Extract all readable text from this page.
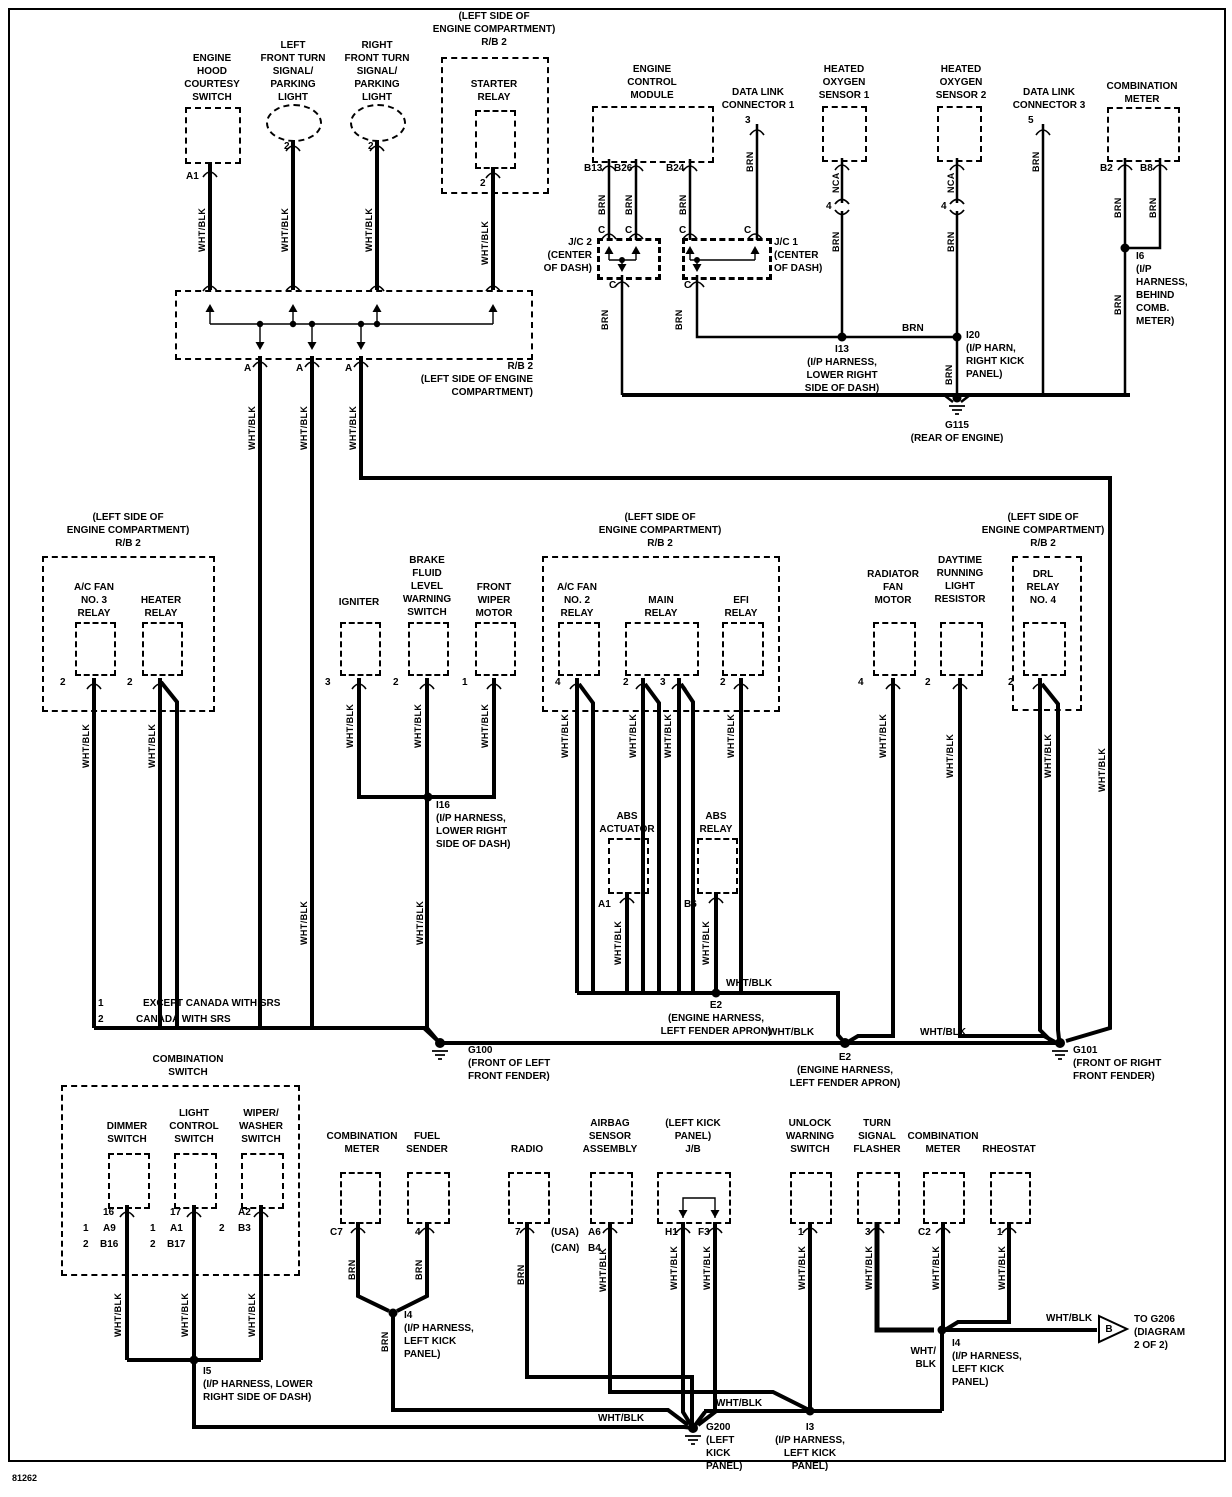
ENGINE
HOOD
COURTESY
SWITCH
LEFT
FRONT TURN
SIGNAL/
PARKING
LIGHT
RIGHT
FRONT TURN
SIGNAL/
PARKING
LIGHT
(LEFT SIDE OF
ENGINE COMPARTMENT)
R/B 2
STARTER
RELAY
A1
2	2
2
WHT/BLK	WHT/BLK	WHT/BLK	WHT/BLK
R/B 2
(LEFT SIDE OF ENGINE
COMPARTMENT)
A	A	A
WHT/BLK	WHT/BLK	WHT/BLK
WHT/BLK	WHT/BLK
ENGINE
CONTROL
MODULE	DATA LINK
CONNECTOR 1
HEATED
OXYGEN
SENSOR 1
HEATED
OXYGEN
SENSOR 2	DATA LINK
CONNECTOR 3
COMBINATION
METER
B13 B26	B24
3	5
B2	B8
BRN BRN	BRN
BRN
J/C 2
(CENTER
OF DASH)
J/C 1
(CENTER
OF DASH)
C C	C	C
C	C
BRN	BRN
NCA	NCA
4	4
BRN	BRN
BRN
I13
(I/P HARNESS,
LOWER RIGHT
SIDE OF DASH)
I20
(I/P HARN,
RIGHT KICK
PANEL)
BRN
I6
(I/P
HARNESS,
BEHIND
COMB.
METER)
BRN
BRN
BRN	BRN
G115
(REAR OF ENGINE)
(LEFT SIDE OF
ENGINE COMPARTMENT)
R/B 2
A/C FAN
NO. 3
RELAY
HEATER
RELAY
2	2
WHT/BLK	WHT/BLK
IGNITER
BRAKE
FLUID
LEVEL
WARNING
SWITCH
FRONT
WIPER
MOTOR
3	2	1
WHT/BLK	WHT/BLK	WHT/BLK
(LEFT SIDE OF
ENGINE COMPARTMENT)
R/B 2
A/C FAN
NO. 2
RELAY
MAIN
RELAY
EFI
RELAY
4	2	3	2
WHT/BLK	WHT/BLK	WHT/BLK	WHT/BLK
RADIATOR
FAN
MOTOR
DAYTIME
RUNNING
LIGHT
RESISTOR
(LEFT SIDE OF
ENGINE COMPARTMENT)
R/B 2
DRL
RELAY
NO. 4
4	2	2
WHT/BLK	WHT/BLK	WHT/BLK	WHT/BLK
I16
(I/P HARNESS,
LOWER RIGHT
SIDE OF DASH)
ABS
ACTUATOR
ABS
RELAY
A1	B6
WHT/BLK	WHT/BLK
WHT/BLK
E2
(ENGINE HARNESS,
LEFT FENDER APRON)
1	EXCEPT CANADA WITH SRS
2	CANADA WITH SRS
G100
(FRONT OF LEFT
FRONT FENDER)
WHT/BLK	WHT/BLK
E2
(ENGINE HARNESS,
LEFT FENDER APRON)
G101
(FRONT OF RIGHT
FRONT FENDER)
COMBINATION
SWITCH
DIMMER
SWITCH
LIGHT
CONTROL
SWITCH
WIPER/
WASHER
SWITCH
16
1 A9
2 B16
17
1 A1
2 B17
A2
2 B3
WHT/BLK	WHT/BLK	WHT/BLK
I5
(I/P HARNESS, LOWER
RIGHT SIDE OF DASH)
COMBINATION
METER
FUEL
SENDER	RADIO
AIRBAG
SENSOR
ASSEMBLY
(LEFT KICK
PANEL)
J/B
UNLOCK
WARNING
SWITCH
TURN
SIGNAL
FLASHER
COMBINATION
METER	RHEOSTAT
C7	4	7	(USA) A6
(CAN) B4
H1 F3	1	3	C2	1
BRN	BRN	BRN	WHT/BLK	WHT/BLK	WHT/BLK	WHT/BLK	WHT/BLK	WHT/BLK	WHT/BLK
I4
(I/P HARNESS,
LEFT KICK
PANEL)
BRN
WHT/BLK
WHT/BLK
G200
(LEFT
KICK
PANEL)
I3
(I/P HARNESS,
LEFT KICK
PANEL)
WHT/
BLK
I4
(I/P HARNESS,
LEFT KICK
PANEL)
WHT/BLK	TO G206
(DIAGRAM
2 OF 2)
B
81262
